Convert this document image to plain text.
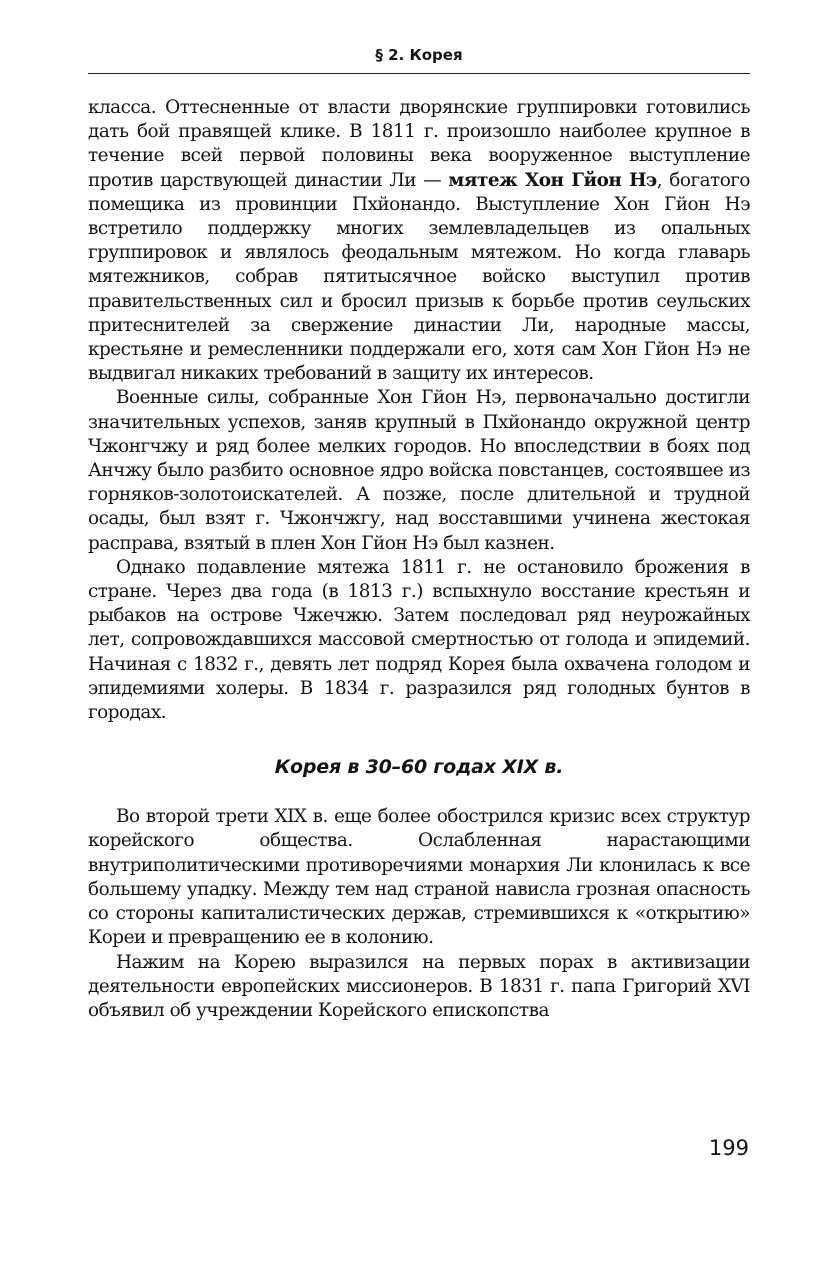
§ 2. Корея

класса. Оттесненные от власти дворянские группировки готовились дать бой правящей клике. В 1811 г. произошло наиболее крупное в течение всей первой половины века вооруженное выступление против царствующей династии Ли — мятеж Хон Гйон Нэ, богатого помещика из провинции Пхйонандо. Выступление Хон Гйон Нэ встретило поддержку многих землевладельцев из опальных группировок и являлось феодальным мятежом. Но когда главарь мятежников, собрав пятитысячное войско выступил против правительственных сил и бросил призыв к борьбе против сеульских притеснителей за свержение династии Ли, народные массы, крестьяне и ремесленники поддержали его, хотя сам Хон Гйон Нэ не выдвигал никаких требований в защиту их интересов.

Военные силы, собранные Хон Гйон Нэ, первоначально достигли значительных успехов, заняв крупный в Пхйонандо окружной центр Чжонгчжу и ряд более мелких городов. Но впоследствии в боях под Анчжу было разбито основное ядро войска повстанцев, состоявшее из горняков-золотоискателей. А позже, после длительной и трудной осады, был взят г. Чжончжгу, над восставшими учинена жестокая расправа, взятый в плен Хон Гйон Нэ был казнен.

Однако подавление мятежа 1811 г. не остановило брожения в стране. Через два года (в 1813 г.) вспыхнуло восстание крестьян и рыбаков на острове Чжечжю. Затем последовал ряд неурожайных лет, сопровождавшихся массовой смертностью от голода и эпидемий. Начиная с 1832 г., девять лет подряд Корея была охвачена голодом и эпидемиями холеры. В 1834 г. разразился ряд голодных бунтов в городах.

Корея в 30–60 годах XIX в.

Во второй трети XIX в. еще более обострился кризис всех структур корейского общества. Ослабленная нарастающими внутриполитическими противоречиями монархия Ли клонилась к все большему упадку. Между тем над страной нависла грозная опасность со стороны капиталистических держав, стремившихся к «открытию» Кореи и превращению ее в колонию.

Нажим на Корею выразился на первых порах в активизации деятельности европейских миссионеров. В 1831 г. папа Григорий XVI объявил об учреждении Корейского епископства

199
